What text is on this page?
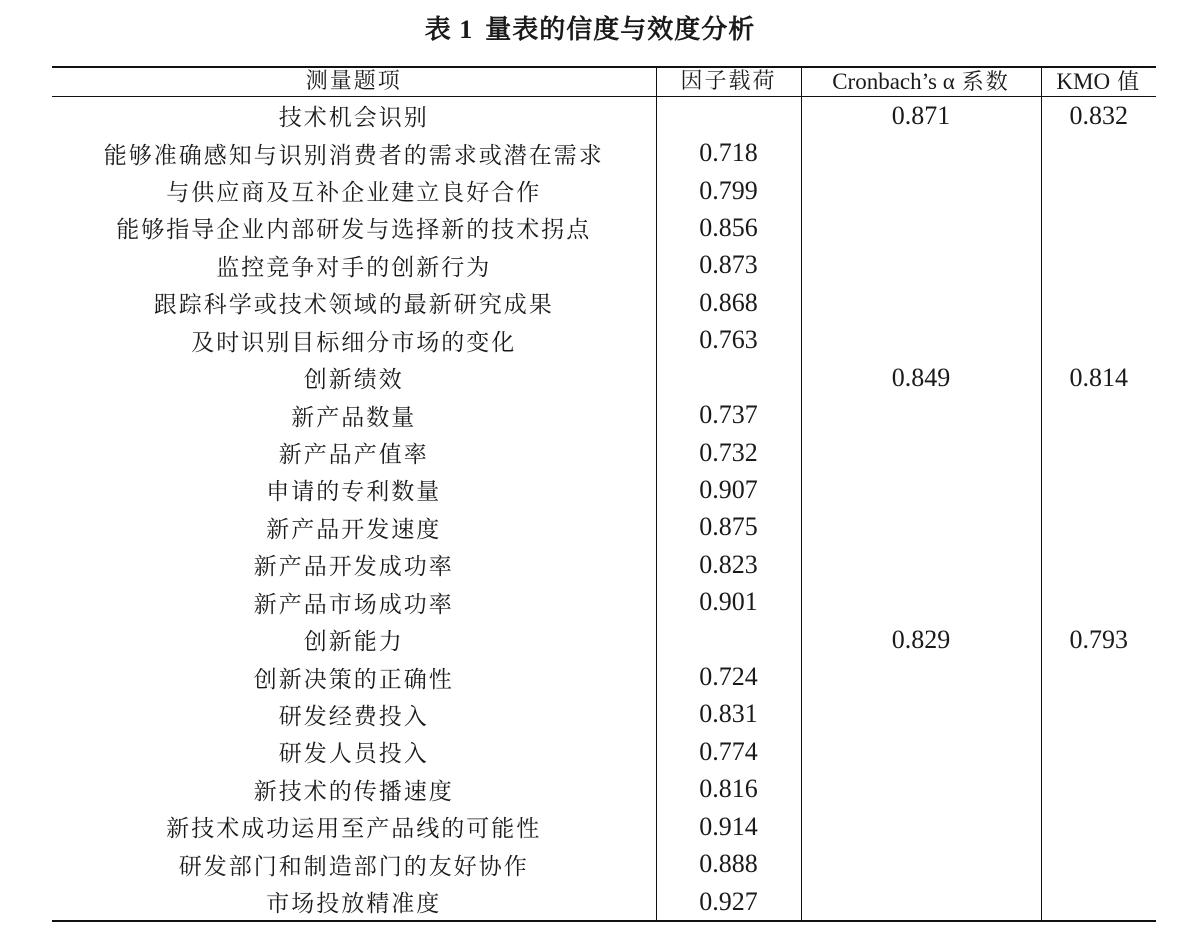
表 1 量表的信度与效度分析
测量题项	因子载荷	Cronbach’s α 系数	KMO 值
技术机会识别		0.871	0.832
能够准确感知与识别消费者的需求或潜在需求	0.718		
与供应商及互补企业建立良好合作	0.799		
能够指导企业内部研发与选择新的技术拐点	0.856		
监控竞争对手的创新行为	0.873		
跟踪科学或技术领域的最新研究成果	0.868		
及时识别目标细分市场的变化	0.763		
创新绩效		0.849	0.814
新产品数量	0.737		
新产品产值率	0.732		
申请的专利数量	0.907		
新产品开发速度	0.875		
新产品开发成功率	0.823		
新产品市场成功率	0.901		
创新能力		0.829	0.793
创新决策的正确性	0.724		
研发经费投入	0.831		
研发人员投入	0.774		
新技术的传播速度	0.816		
新技术成功运用至产品线的可能性	0.914		
研发部门和制造部门的友好协作	0.888		
市场投放精准度	0.927		
